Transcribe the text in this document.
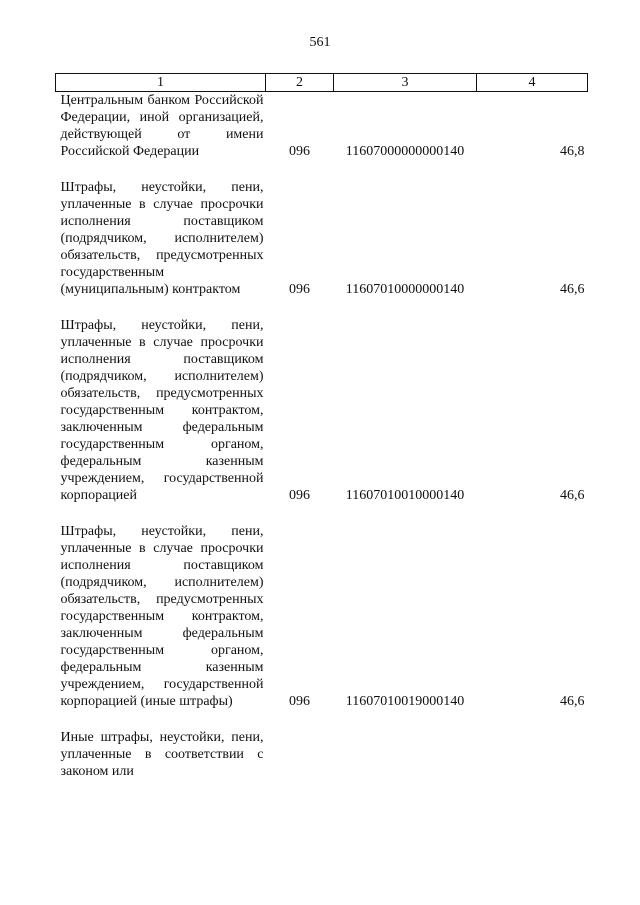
561
1	2	3	4
Центральным банком Российской Федерации, иной организацией, действующей от имени Российской Федерации	096	11607000000000140	46,8
Штрафы, неустойки, пени, уплаченные в случае просрочки исполнения поставщиком (подрядчиком, исполнителем) обязательств, предусмотренных государственным (муниципальным) контрактом	096	11607010000000140	46,6
Штрафы, неустойки, пени, уплаченные в случае просрочки исполнения поставщиком (подрядчиком, исполнителем) обязательств, предусмотренных государственным контрактом, заключенным федеральным государственным органом, федеральным казенным учреждением, государственной корпорацией	096	11607010010000140	46,6
Штрафы, неустойки, пени, уплаченные в случае просрочки исполнения поставщиком (подрядчиком, исполнителем) обязательств, предусмотренных государственным контрактом, заключенным федеральным государственным органом, федеральным казенным учреждением, государственной корпорацией (иные штрафы)	096	11607010019000140	46,6
Иные штрафы, неустойки, пени, уплаченные в соответствии с законом или			
